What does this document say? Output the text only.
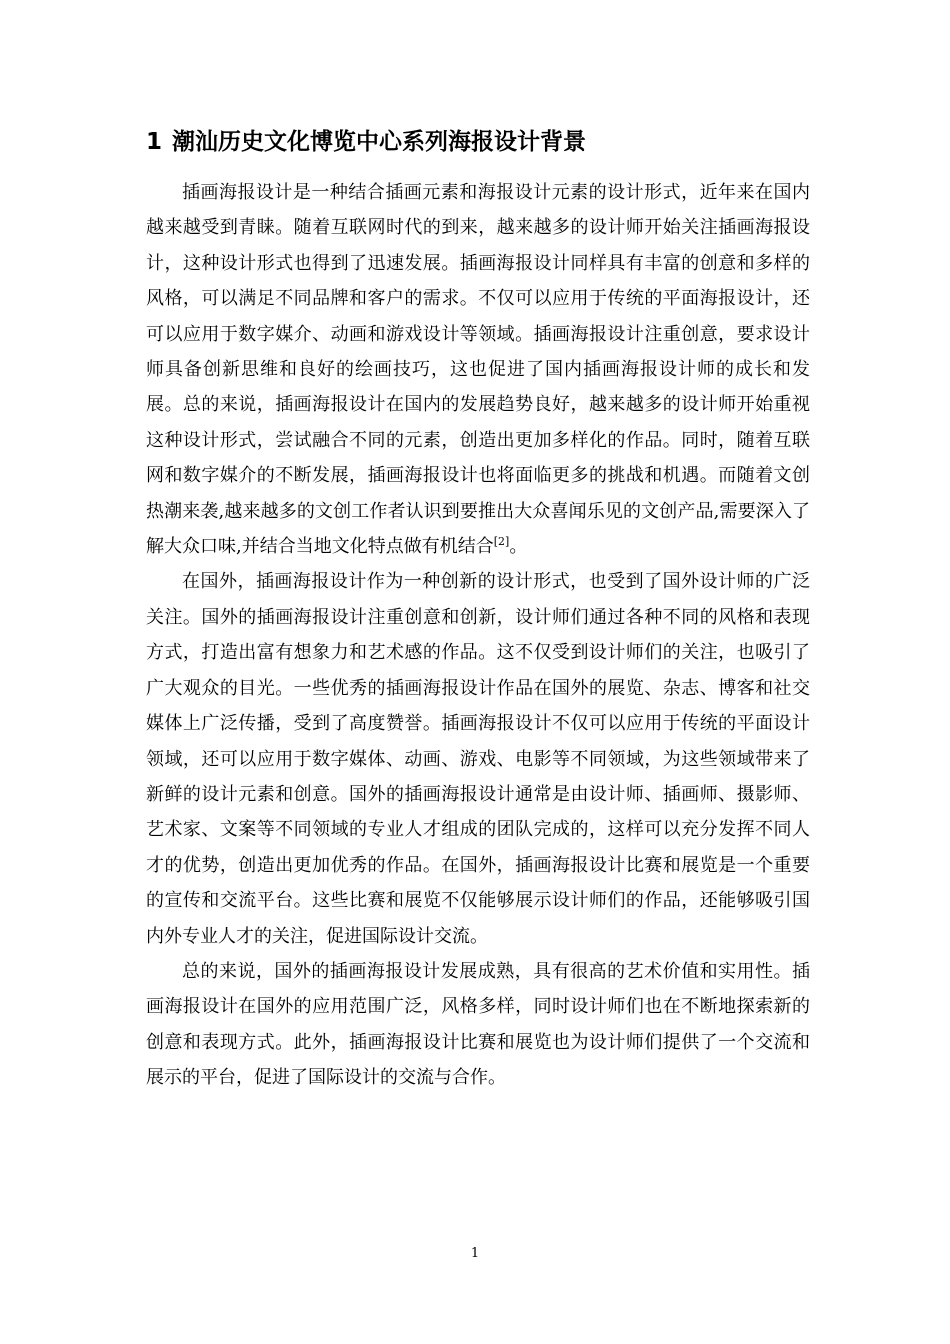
1 潮汕历史文化博览中心系列海报设计背景

插画海报设计是一种结合插画元素和海报设计元素的设计形式，近年来在国内越来越受到青睐。随着互联网时代的到来，越来越多的设计师开始关注插画海报设计，这种设计形式也得到了迅速发展。插画海报设计同样具有丰富的创意和多样的风格，可以满足不同品牌和客户的需求。不仅可以应用于传统的平面海报设计，还可以应用于数字媒介、动画和游戏设计等领域。插画海报设计注重创意，要求设计师具备创新思维和良好的绘画技巧，这也促进了国内插画海报设计师的成长和发展。总的来说，插画海报设计在国内的发展趋势良好，越来越多的设计师开始重视这种设计形式，尝试融合不同的元素，创造出更加多样化的作品。同时，随着互联网和数字媒介的不断发展，插画海报设计也将面临更多的挑战和机遇。而随着文创热潮来袭,越来越多的文创工作者认识到要推出大众喜闻乐见的文创产品,需要深入了解大众口味,并结合当地文化特点做有机结合[2]。

在国外，插画海报设计作为一种创新的设计形式，也受到了国外设计师的广泛关注。国外的插画海报设计注重创意和创新，设计师们通过各种不同的风格和表现方式，打造出富有想象力和艺术感的作品。这不仅受到设计师们的关注，也吸引了广大观众的目光。一些优秀的插画海报设计作品在国外的展览、杂志、博客和社交媒体上广泛传播，受到了高度赞誉。插画海报设计不仅可以应用于传统的平面设计领域，还可以应用于数字媒体、动画、游戏、电影等不同领域，为这些领域带来了新鲜的设计元素和创意。国外的插画海报设计通常是由设计师、插画师、摄影师、艺术家、文案等不同领域的专业人才组成的团队完成的，这样可以充分发挥不同人才的优势，创造出更加优秀的作品。在国外，插画海报设计比赛和展览是一个重要的宣传和交流平台。这些比赛和展览不仅能够展示设计师们的作品，还能够吸引国内外专业人才的关注，促进国际设计交流。

总的来说，国外的插画海报设计发展成熟，具有很高的艺术价值和实用性。插画海报设计在国外的应用范围广泛，风格多样，同时设计师们也在不断地探索新的创意和表现方式。此外，插画海报设计比赛和展览也为设计师们提供了一个交流和展示的平台，促进了国际设计的交流与合作。

1
